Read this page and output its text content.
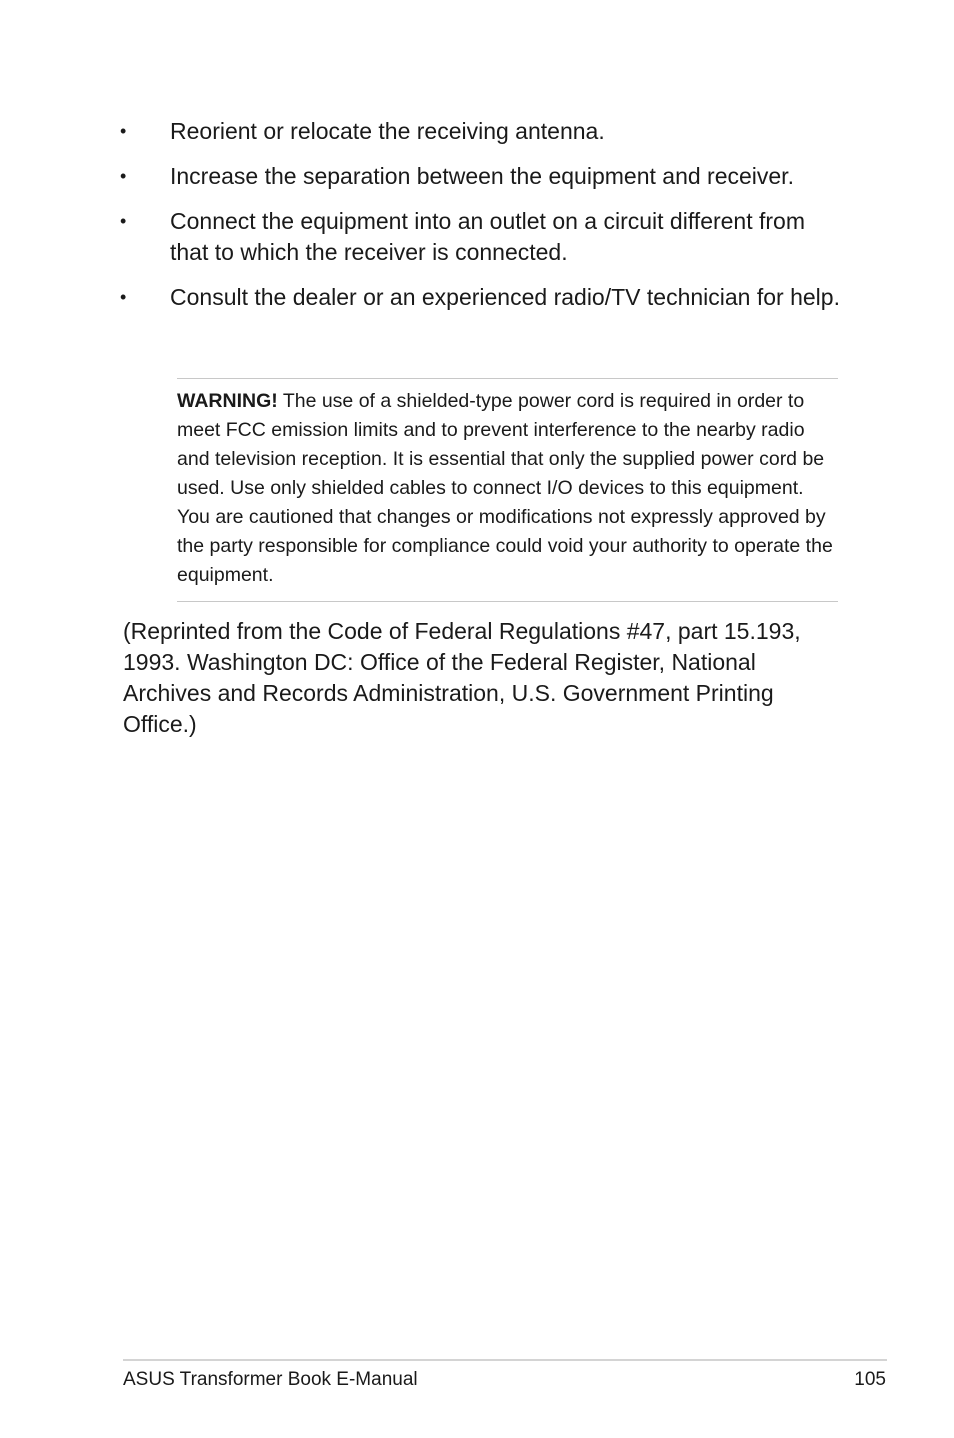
• Reorient or relocate the receiving antenna.
• Increase the separation between the equipment and receiver.
• Connect the equipment into an outlet on a circuit different from that to which the receiver is connected.
• Consult the dealer or an experienced radio/TV technician for help.
WARNING! The use of a shielded-type power cord is required in order to meet FCC emission limits and to prevent interference to the nearby radio and television reception. It is essential that only the supplied power cord be used. Use only shielded cables to connect I/O devices to this equipment. You are cautioned that changes or modifications not expressly approved by the party responsible for compliance could void your authority to operate the equipment.

(Reprinted from the Code of Federal Regulations #47, part 15.193, 1993. Washington DC: Office of the Federal Register, National Archives and Records Administration, U.S. Government Printing Office.)

ASUS Transformer Book E-Manual	105
